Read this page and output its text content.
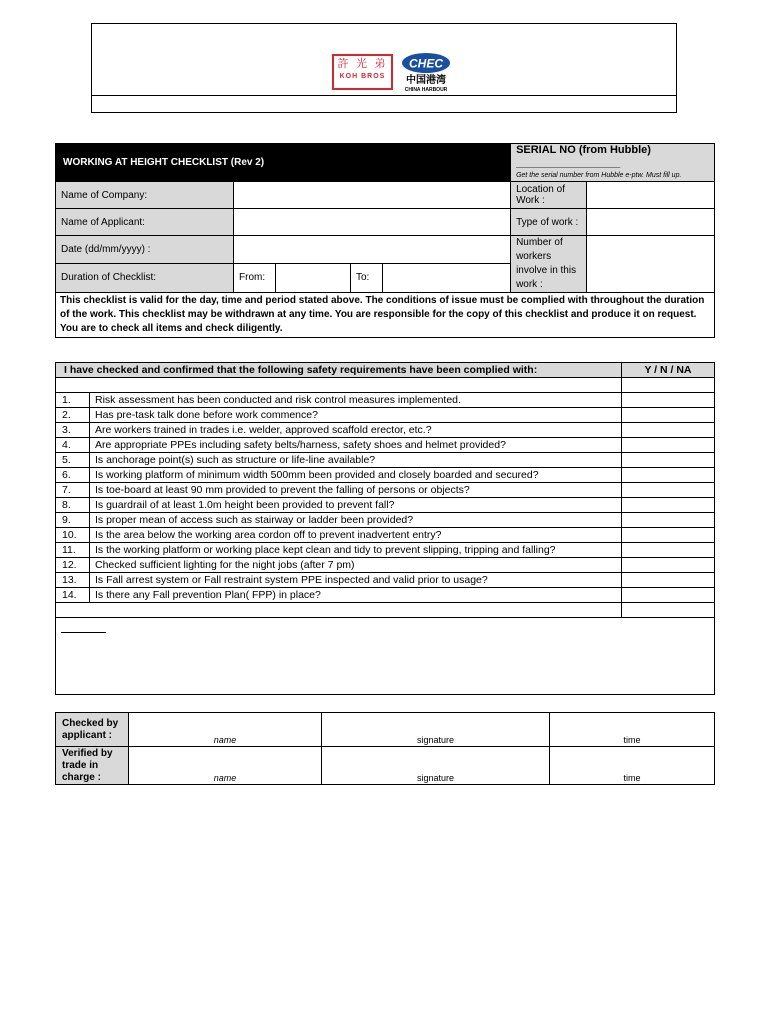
許 光 弟
KOH BROS
CHEC
中国港湾
CHINA HARBOUR
WORKING AT HEIGHT CHECKLIST (Rev 2)					SERIAL NO (from Hubble) _________________
Get the serial number from Hubble e-ptw. Must fill up.	

Name of Company:					Location of Work :	
Name of Applicant:					Type of work :	
Date (dd/mm/yyyy) :					Number of workers involve in this work :	
Duration of Checklist:	From:		To:			
This checklist is valid for the day, time and period stated above. The conditions of issue must be complied with throughout the duration of the work. This checklist may be withdrawn at any time. You are responsible for the copy of this checklist and produce it on request. You are to check all items and check diligently.						
I have checked and confirmed that the following safety requirements have been complied with:		Y / N / NA

1.	Risk assessment has been conducted and risk control measures implemented.	
2.	Has pre-task talk done before work commence?	
3.	Are workers trained in trades i.e. welder, approved scaffold erector, etc.?	
4.	Are appropriate PPEs including safety belts/harness, safety shoes and helmet provided?	
5.	Is anchorage point(s) such as structure or life-line available?	
6.	Is working platform of minimum width 500mm been provided and closely boarded and secured?	
7.	Is toe-board at least 90 mm provided to prevent the falling of persons or objects?	
8.	Is guardrail of at least 1.0m height been provided to prevent fall?	
9.	Is proper mean of access such as stairway or ladder been provided?	
10.	Is the area below the working area cordon off to prevent inadvertent entry?	
11.	Is the working platform or working place kept clean and tidy to prevent slipping, tripping and falling?	
12.	Checked sufficient lighting for the night jobs (after 7 pm)	
13.	Is Fall arrest system or Fall restraint system PPE inspected and valid prior to usage?	
14.	Is there any Fall prevention Plan( FPP) in place?	

Checked by applicant :	name	signature	time
Verified by trade in charge :	name	signature	time
